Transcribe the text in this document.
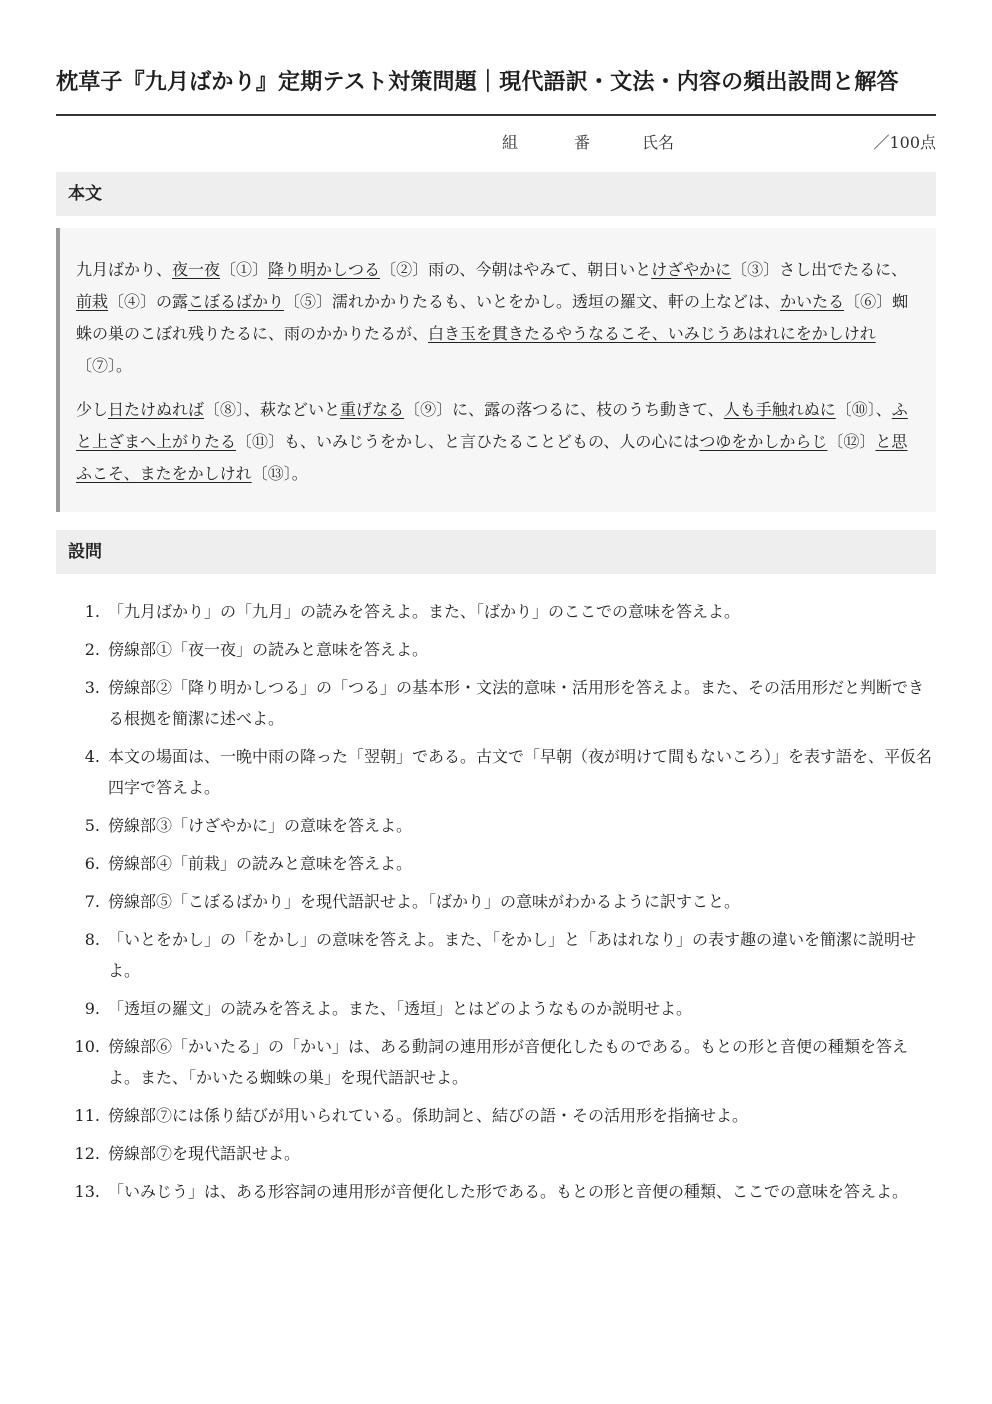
枕草子『九月ばかり』定期テスト対策問題｜現代語訳・文法・内容の頻出設問と解答
組	番	氏名	／100点
本文

九月ばかり、夜一夜〔①〕降り明かしつる〔②〕雨の、今朝はやみて、朝日いとけざやかに〔③〕さし出でたるに、前栽〔④〕の露こぼるばかり〔⑤〕濡れかかりたるも、いとをかし。透垣の羅文、軒の上などは、かいたる〔⑥〕蜘蛛の巣のこぼれ残りたるに、雨のかかりたるが、白き玉を貫きたるやうなるこそ、いみじうあはれにをかしけれ〔⑦〕。

少し日たけぬれば〔⑧〕、萩などいと重げなる〔⑨〕に、露の落つるに、枝のうち動きて、人も手触れぬに〔⑩〕、ふと上ざまへ上がりたる〔⑪〕も、いみじうをかし、と言ひたることどもの、人の心にはつゆをかしからじ〔⑫〕と思ふこそ、またをかしけれ〔⑬〕。

設問
1. 「九月ばかり」の「九月」の読みを答えよ。また、「ばかり」のここでの意味を答えよ。
2. 傍線部①「夜一夜」の読みと意味を答えよ。
3. 傍線部②「降り明かしつる」の「つる」の基本形・文法的意味・活用形を答えよ。また、その活用形だと判断できる根拠を簡潔に述べよ。
4. 本文の場面は、一晩中雨の降った「翌朝」である。古文で「早朝（夜が明けて間もないころ）」を表す語を、平仮名四字で答えよ。
5. 傍線部③「けざやかに」の意味を答えよ。
6. 傍線部④「前栽」の読みと意味を答えよ。
7. 傍線部⑤「こぼるばかり」を現代語訳せよ。「ばかり」の意味がわかるように訳すこと。
8. 「いとをかし」の「をかし」の意味を答えよ。また、「をかし」と「あはれなり」の表す趣の違いを簡潔に説明せよ。
9. 「透垣の羅文」の読みを答えよ。また、「透垣」とはどのようなものか説明せよ。
10. 傍線部⑥「かいたる」の「かい」は、ある動詞の連用形が音便化したものである。もとの形と音便の種類を答えよ。また、「かいたる蜘蛛の巣」を現代語訳せよ。
11. 傍線部⑦には係り結びが用いられている。係助詞と、結びの語・その活用形を指摘せよ。
12. 傍線部⑦を現代語訳せよ。
13. 「いみじう」は、ある形容詞の連用形が音便化した形である。もとの形と音便の種類、ここでの意味を答えよ。
